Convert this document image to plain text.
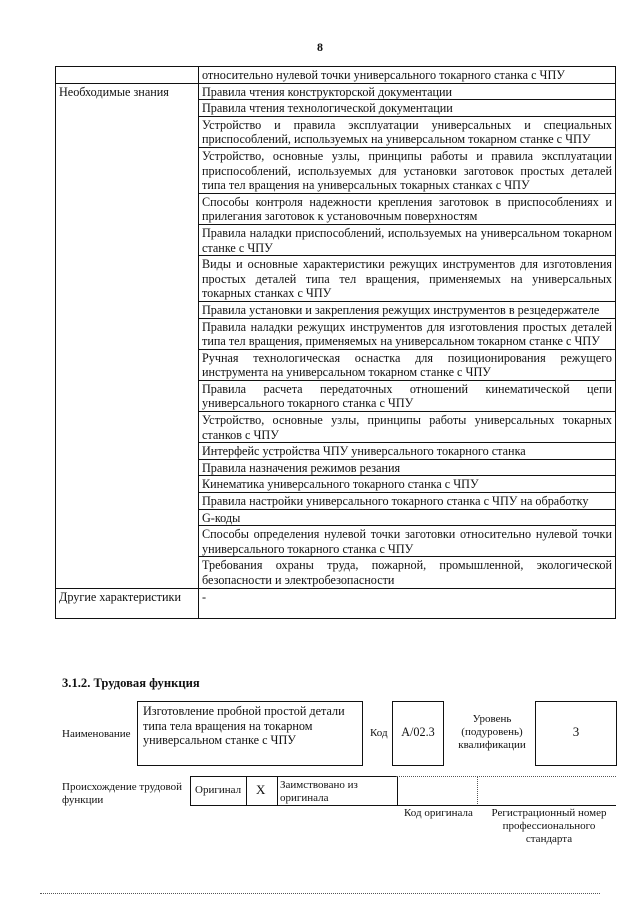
8
	относительно нулевой точки универсального токарного станка с ЧПУ
Необходимые знания	Правила чтения конструкторской документации
	Правила чтения технологической документации
	Устройство и правила эксплуатации универсальных и специальных приспособлений, используемых на универсальном токарном станке с ЧПУ
	Устройство, основные узлы, принципы работы и правила эксплуатации приспособлений, используемых для установки заготовок простых деталей типа тел вращения на универсальных токарных станках с ЧПУ
	Способы контроля надежности крепления заготовок в приспособлениях и прилегания заготовок к установочным поверхностям
	Правила наладки приспособлений, используемых на универсальном токарном станке с ЧПУ
	Виды и основные характеристики режущих инструментов для изготовления простых деталей типа тел вращения, применяемых на универсальных токарных станках с ЧПУ
	Правила установки и закрепления режущих инструментов в резцедержателе
	Правила наладки режущих инструментов для изготовления простых деталей типа тел вращения, применяемых на универсальном токарном станке с ЧПУ
	Ручная технологическая оснастка для позиционирования режущего инструмента на универсальном токарном станке с ЧПУ
	Правила расчета передаточных отношений кинематической цепи универсального токарного станка с ЧПУ
	Устройство, основные узлы, принципы работы универсальных токарных станков с ЧПУ
	Интерфейс устройства ЧПУ универсального токарного станка
	Правила назначения режимов резания
	Кинематика универсального токарного станка с ЧПУ
	Правила настройки универсального токарного станка с ЧПУ на обработку
	G-коды
	Способы определения нулевой точки заготовки относительно нулевой точки универсального токарного станка с ЧПУ
	Требования охраны труда, пожарной, промышленной, экологической безопасности и электробезопасности
Другие характеристики	-
3.1.2. Трудовая функция
Наименование
Изготовление пробной простой детали типа тела вращения на токарном универсальном станке с ЧПУ
Код	A/02.3
Уровень (подуровень) квалификации
3
Происхождение трудовой функции
Оригинал X Заимствовано из оригинала
Код оригинала	Регистрационный номер профессионального стандарта
